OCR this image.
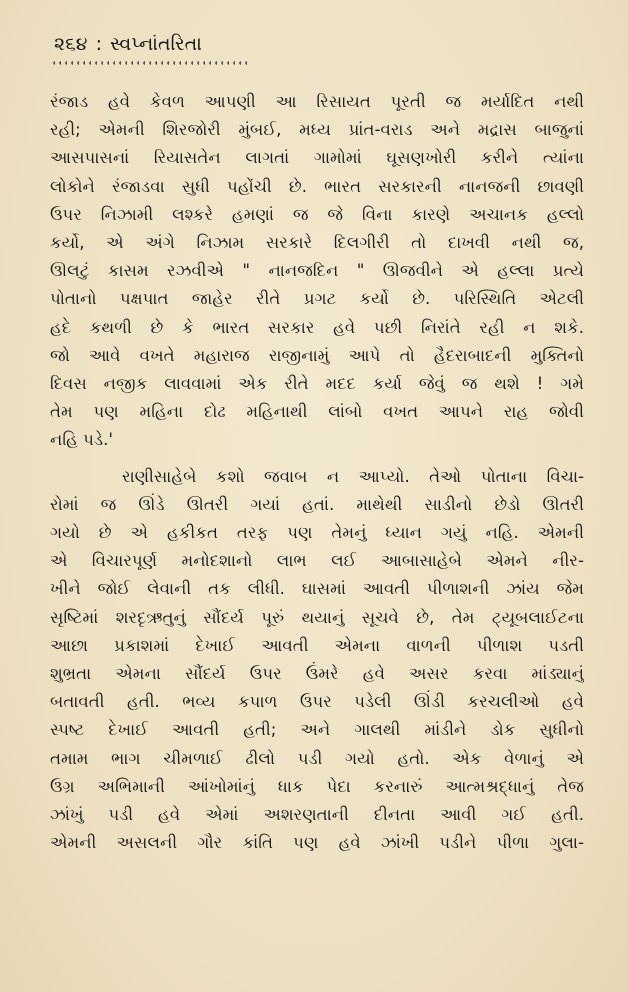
૨૬૪ : સ્વપ્નાંતરિતા
રંજાડ હવે કેવળ આપણી આ રિસાયત પૂરતી જ મર્યાદિત નથી
રહી; એમની શિરજોરી મુંબઈ, મધ્ય પ્રાંત-વરાડ અને મદ્રાસ બાજુનાં
આસપાસનાં રિયાસતેન લાગતાં ગામોમાં ઘૂસણખોરી કરીને ત્યાંના
લોકોને રંજાડવા સુધી પહોંચી છે. ભારત સરકારની નાનજની છાવણી
ઉપર નિઝામી લશ્કરે હમણાં જ જે વિના કારણે અચાનક હલ્લો
કર્યો, એ અંગે નિઝામ સરકારે દિલગીરી તો દાખવી નથી જ,
ઊલટું કાસમ રઝવીએ " નાનજદિન " ઊજવીને એ હલ્લા પ્રત્યે
પોતાનો પક્ષપાત જાહેર રીતે પ્રગટ કર્યો છે. પરિસ્થિતિ એટલી
હદે કથળી છે કે ભારત સરકાર હવે પછી નિરાંતે રહી ન શકે.
જો આવે વખતે મહારાજ રાજીનામું આપે તો હૈદરાબાદની મુક્તિનો
દિવસ નજીક લાવવામાં એક રીતે મદદ કર્યા જેવું જ થશે ! ગમે
તેમ પણ મહિના દોઢ મહિનાથી લાંબો વખત આપને રાહ જોવી
નહિ પડે.'
રાણીસાહેબે કશો જવાબ ન આપ્યો. તેઓ પોતાના વિચા-
રોમાં જ ઊંડે ઊતરી ગયાં હતાં. માથેથી સાડીનો છેડો ઊતરી
ગયો છે એ હકીકત તરફ પણ તેમનું ધ્યાન ગયું નહિ. એમની
એ વિચારપૂર્ણ મનોદશાનો લાભ લઈ આબાસાહેબે એમને નીર-
ખીને જોઈ લેવાની તક લીધી. ઘાસમાં આવતી પીળાશની ઝાંય જેમ
સૃષ્ટિમાં શરદૃઋતુનું સૌંદર્ય પૂરું થયાનું સૂચવે છે, તેમ ટ્યૂબલાઈટના
આછા પ્રકાશમાં દેખાઈ આવતી એમના વાળની પીળાશ પડતી
શુભ્રતા એમના સૌંદર્ય ઉપર ઉંમરે હવે અસર કરવા માંડ્યાનું
બતાવતી હતી. ભવ્ય કપાળ ઉપર પડેલી ઊંડી કરચલીઓ હવે
સ્પષ્ટ દેખાઈ આવતી હતી; અને ગાલથી માંડીને ડોક સુધીનો
તમામ ભાગ ચીમળાઈ ઢીલો પડી ગયો હતો. એક વેળાનું એ
ઉગ્ર અભિમાની આંખોમાંનું ધાક પેદા કરનારું આત્મશ્રદ્ધાનું તેજ
ઝાંખું પડી હવે એમાં અશરણતાની દીનતા આવી ગઈ હતી.
એમની અસલની ગૌર કાંતિ પણ હવે ઝાંખી પડીને પીળા ગુલા-
